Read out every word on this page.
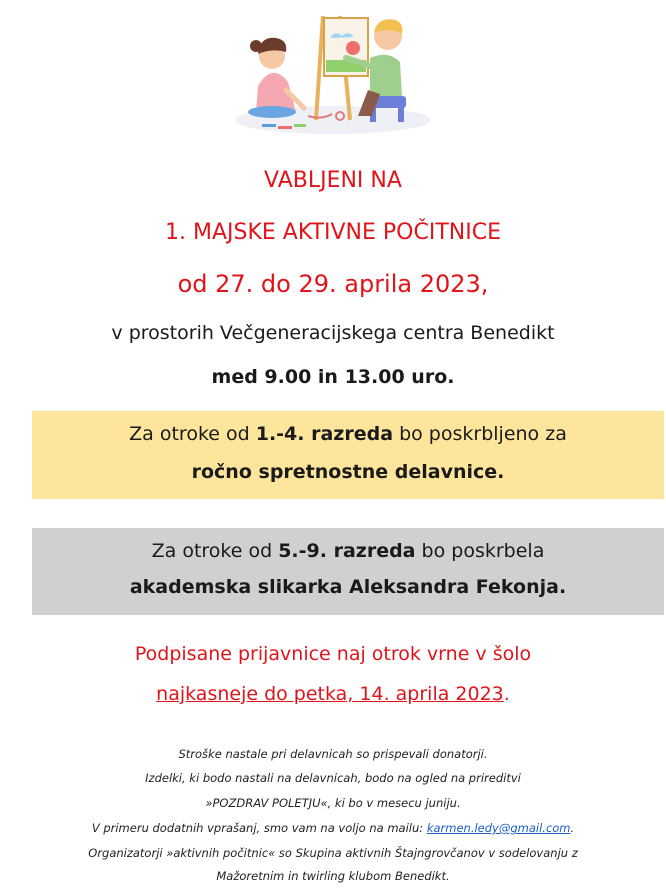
VABLJENI NA
1. MAJSKE AKTIVNE POČITNICE
od 27. do 29. aprila 2023,
v prostorih Večgeneracijskega centra Benedikt
med 9.00 in 13.00 uro.
Za otroke od 1.-4. razreda bo poskrbljeno za
ročno spretnostne delavnice.
Za otroke od 5.-9. razreda bo poskrbela
akademska slikarka Aleksandra Fekonja.
Podpisane prijavnice naj otrok vrne v šolo
najkasneje do petka, 14. aprila 2023.
Stroške nastale pri delavnicah so prispevali donatorji.
Izdelki, ki bodo nastali na delavnicah, bodo na ogled na prireditvi
»POZDRAV POLETJU«, ki bo v mesecu juniju.
V primeru dodatnih vprašanj, smo vam na voljo na mailu: karmen.ledy@gmail.com.
Organizatorji »aktivnih počitnic« so Skupina aktivnih Štajngrovčanov v sodelovanju z
Mažoretnim in twirling klubom Benedikt.
